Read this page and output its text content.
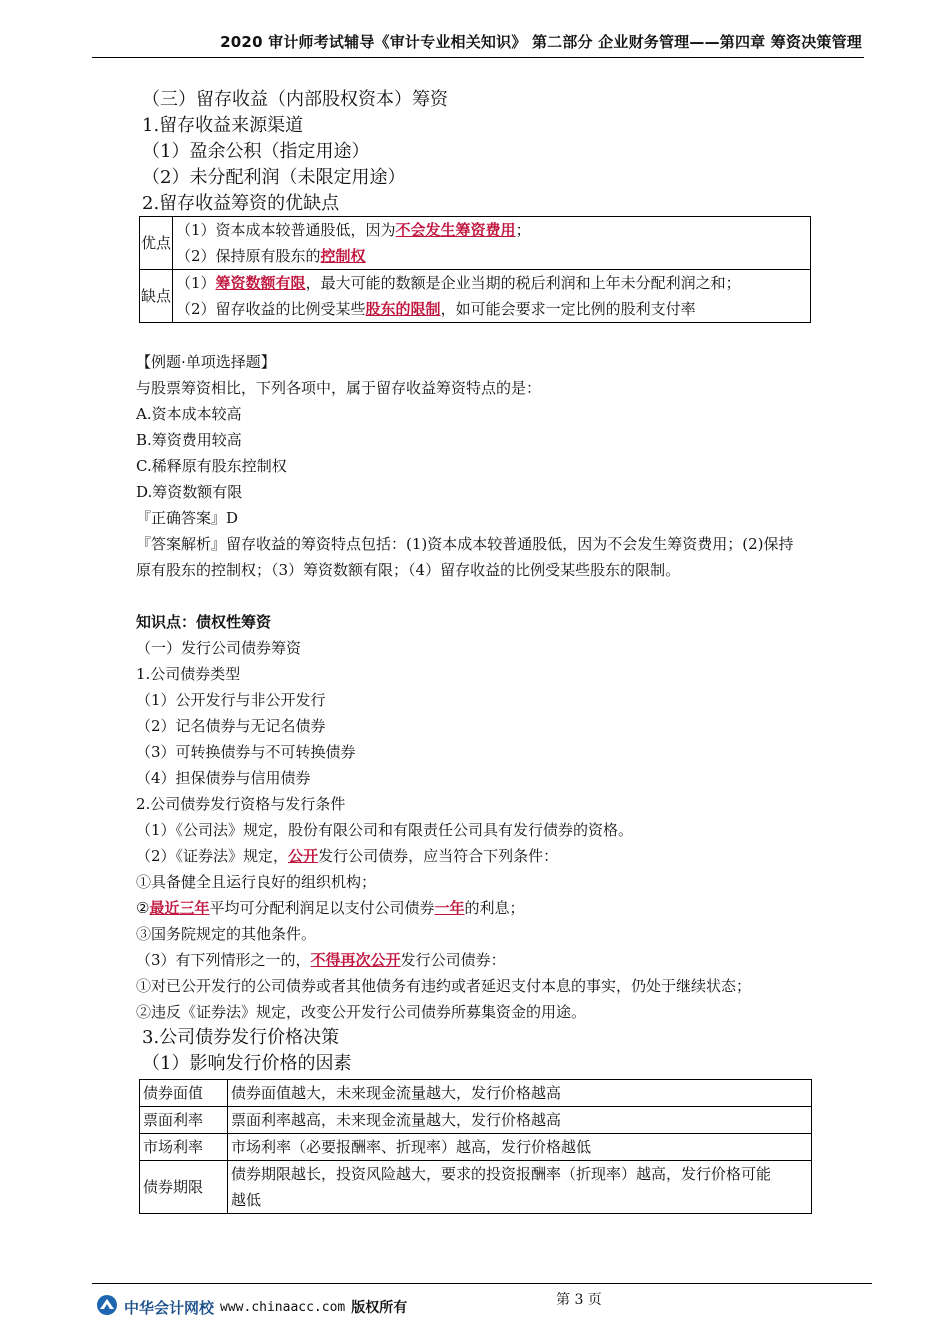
2020 审计师考试辅导《审计专业相关知识》 第二部分 企业财务管理——第四章 筹资决策管理
（三）留存收益（内部股权资本）筹资
1.留存收益来源渠道
（1）盈余公积（指定用途）
（2）未分配利润（未限定用途）
2.留存收益筹资的优缺点
优点	（1）资本成本较普通股低，因为不会发生筹资费用；
（2）保持原有股东的控制权

缺点	（1）筹资数额有限，最大可能的数额是企业当期的税后利润和上年未分配利润之和；
（2）留存收益的比例受某些股东的限制，如可能会要求一定比例的股利支付率
【例题·单项选择题】
与股票筹资相比，下列各项中，属于留存收益筹资特点的是：
A.资本成本较高
B.筹资费用较高
C.稀释原有股东控制权
D.筹资数额有限
『正确答案』D
『答案解析』留存收益的筹资特点包括：(1)资本成本较普通股低，因为不会发生筹资费用；(2)保持
原有股东的控制权；（3）筹资数额有限；（4）留存收益的比例受某些股东的限制。
知识点：债权性筹资
（一）发行公司债券筹资
1.公司债券类型
（1）公开发行与非公开发行
（2）记名债券与无记名债券
（3）可转换债券与不可转换债券
（4）担保债券与信用债券
2.公司债券发行资格与发行条件
（1）《公司法》规定，股份有限公司和有限责任公司具有发行债券的资格。
（2）《证券法》规定，公开发行公司债券，应当符合下列条件：
①具备健全且运行良好的组织机构；
②最近三年平均可分配利润足以支付公司债券一年的利息；
③国务院规定的其他条件。
（3）有下列情形之一的，不得再次公开发行公司债券：
①对已公开发行的公司债券或者其他债务有违约或者延迟支付本息的事实，仍处于继续状态；
②违反《证券法》规定，改变公开发行公司债券所募集资金的用途。
3.公司债券发行价格决策
（1）影响发行价格的因素
债券面值	债券面值越大，未来现金流量越大，发行价格越高
票面利率	票面利率越高，未来现金流量越大，发行价格越高
市场利率	市场利率（必要报酬率、折现率）越高，发行价格越低
债券期限	债券期限越长，投资风险越大，要求的投资报酬率（折现率）越高，发行价格可能
越低
第 3 页
中华会计网校 www.chinaacc.com 版权所有
